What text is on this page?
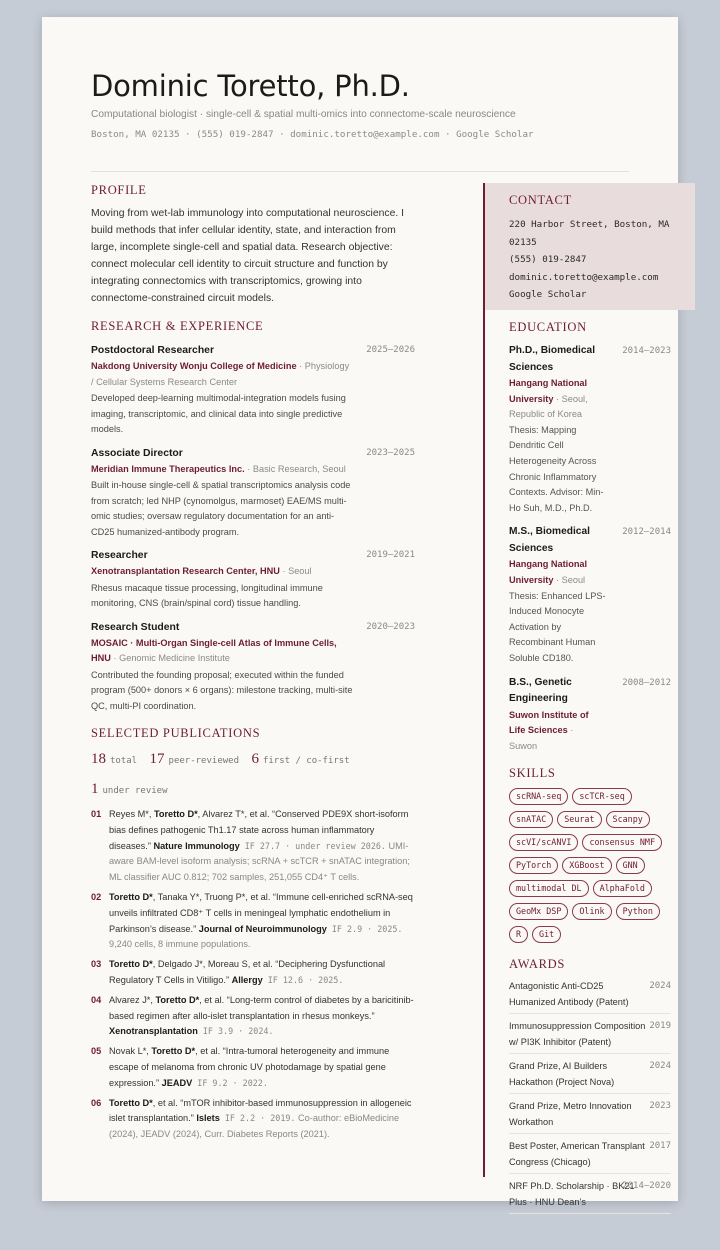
Dominic Toretto, Ph.D.
Computational biologist · single-cell & spatial multi-omics into connectome-scale neuroscience
Boston, MA 02135 · (555) 019-2847 · dominic.toretto@example.com · Google Scholar
PROFILE
Moving from wet-lab immunology into computational neuroscience. I build methods that infer cellular identity, state, and interaction from large, incomplete single-cell and spatial data. Research objective: connect molecular cell identity to circuit structure and function by integrating connectomics with transcriptomics, growing into connectome-constrained circuit models.
RESEARCH & EXPERIENCE
Postdoctoral Researcher	2025–2026
Nakdong University Wonju College of Medicine · Physiology / Cellular Systems Research Center
Developed deep-learning multimodal-integration models fusing imaging, transcriptomic, and clinical data into single predictive models.
Associate Director	2023–2025
Meridian Immune Therapeutics Inc. · Basic Research, Seoul
Built in-house single-cell & spatial transcriptomics analysis code from scratch; led NHP (cynomolgus, marmoset) EAE/MS multi-omic studies; oversaw regulatory documentation for an anti-CD25 humanized-antibody program.
Researcher	2019–2021
Xenotransplantation Research Center, HNU · Seoul
Rhesus macaque tissue processing, longitudinal immune monitoring, CNS (brain/spinal cord) tissue handling.
Research Student	2020–2023
MOSAIC · Multi-Organ Single-cell Atlas of Immune Cells, HNU · Genomic Medicine Institute
Contributed the founding proposal; executed within the funded program (500+ donors × 6 organs): milestone tracking, multi-site QC, multi-PI coordination.
SELECTED PUBLICATIONS
18 total 17 peer-reviewed 6 first / co-first
1 under review
01 Reyes M*, Toretto D*, Alvarez T*, et al. “Conserved PDE9X short-isoform bias defines pathogenic Th1.17 state across human inflammatory diseases.” Nature Immunology IF 27.7 · under review 2026. UMI-aware BAM-level isoform analysis; scRNA + scTCR + snATAC integration; ML classifier AUC 0.812; 702 samples, 251,055 CD4⁺ T cells.
02 Toretto D*, Tanaka Y*, Truong P*, et al. “Immune cell-enriched scRNA-seq unveils infiltrated CD8⁺ T cells in meningeal lymphatic endothelium in Parkinson’s disease.” Journal of Neuroimmunology IF 2.9 · 2025. 9,240 cells, 8 immune populations.
03 Toretto D*, Delgado J*, Moreau S, et al. “Deciphering Dysfunctional Regulatory T Cells in Vitiligo.” Allergy IF 12.6 · 2025.
04 Alvarez J*, Toretto D*, et al. “Long-term control of diabetes by a baricitinib-based regimen after allo-islet transplantation in rhesus monkeys.” Xenotransplantation IF 3.9 · 2024.
05 Novak L*, Toretto D*, et al. “Intra-tumoral heterogeneity and immune escape of melanoma from chronic UV photodamage by spatial gene expression.” JEADV IF 9.2 · 2022.
06 Toretto D*, et al. “mTOR inhibitor-based immunosuppression in allogeneic islet transplantation.” Islets IF 2.2 · 2019. Co-author: eBioMedicine (2024), JEADV (2024), Curr. Diabetes Reports (2021).
CONTACT
220 Harbor Street, Boston, MA 02135
(555) 019-2847
dominic.toretto@example.com
Google Scholar
EDUCATION
Ph.D., Biomedical Sciences
2014–2023
Hangang National University · Seoul, Republic of Korea
Thesis: Mapping Dendritic Cell Heterogeneity Across Chronic Inflammatory Contexts. Advisor: Min-Ho Suh, M.D., Ph.D.
M.S., Biomedical Sciences
2012–2014
Hangang National University · Seoul
Thesis: Enhanced LPS-Induced Monocyte Activation by Recombinant Human Soluble CD180.
B.S., Genetic Engineering
2008–2012
Suwon Institute of Life Sciences · Suwon
SKILLS
scRNA-seq	scTCR-seq
snATAC	Seurat	Scanpy
scVI/scANVI	consensus NMF
PyTorch	XGBoost	GNN
multimodal DL	AlphaFold
GeoMx DSP	Olink	Python
R	Git
AWARDS
Antagonistic Anti-CD25 Humanized Antibody (Patent)
2024
Immunosuppression Composition w/ PI3K Inhibitor (Patent)
2019
Grand Prize, AI Builders Hackathon (Project Nova)
2024
Grand Prize, Metro Innovation Workathon
2023
Best Poster, American Transplant Congress (Chicago)
2017
NRF Ph.D. Scholarship · BK21 Plus · HNU Dean’s
2014–2020
